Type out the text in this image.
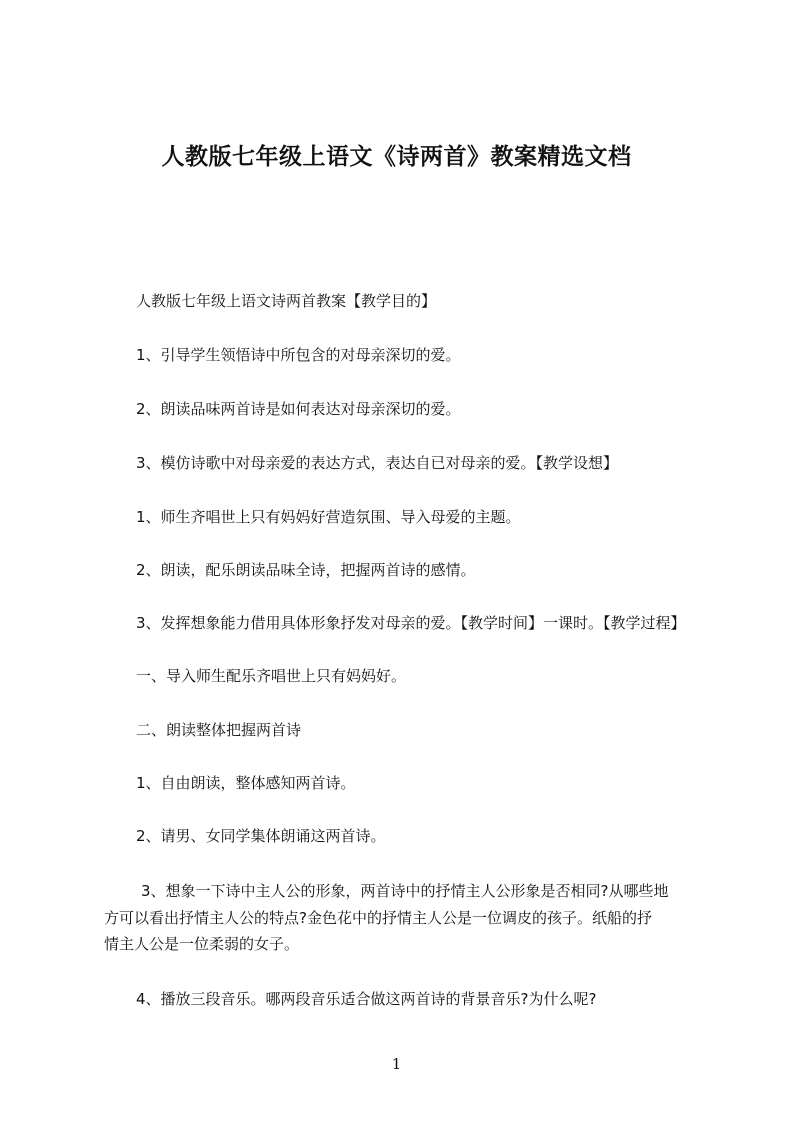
人教版七年级上语文《诗两首》教案精选文档
人教版七年级上语文诗两首教案【教学目的】
1、引导学生领悟诗中所包含的对母亲深切的爱。
2、朗读品味两首诗是如何表达对母亲深切的爱。
3、模仿诗歌中对母亲爱的表达方式，表达自已对母亲的爱。【教学设想】
1、师生齐唱世上只有妈妈好营造氛围、导入母爱的主题。
2、朗读，配乐朗读品味全诗，把握两首诗的感情。
3、发挥想象能力借用具体形象抒发对母亲的爱。【教学时间】一课时。【教学过程】
一、导入师生配乐齐唱世上只有妈妈好。
二、朗读整体把握两首诗
1、自由朗读，整体感知两首诗。
2、请男、女同学集体朗诵这两首诗。
3、想象一下诗中主人公的形象，两首诗中的抒情主人公形象是否相同?从哪些地
方可以看出抒情主人公的特点?金色花中的抒情主人公是一位调皮的孩子。纸船的抒
情主人公是一位柔弱的女子。
4、播放三段音乐。哪两段音乐适合做这两首诗的背景音乐?为什么呢?
1
